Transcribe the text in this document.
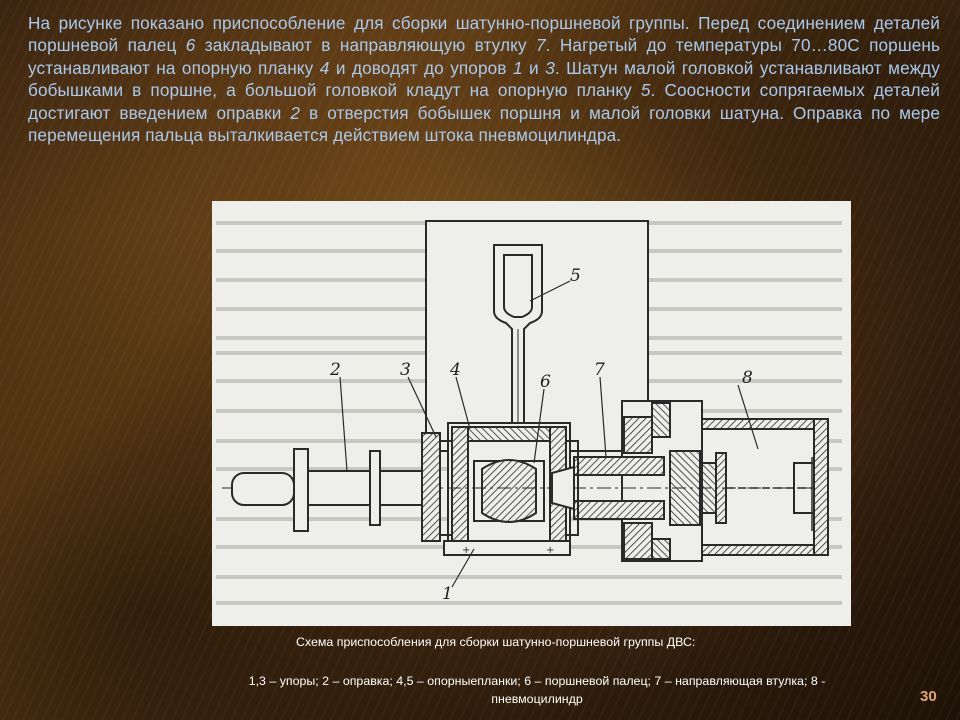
На рисунке показано приспособление для сборки шатунно-поршневой группы. Перед соединением деталей поршневой палец 6 закладывают в направляющую втулку 7. Нагретый до температуры 70…80С поршень устанавливают на опорную планку 4 и доводят до упоров 1 и 3. Шатун малой головкой устанавливают между бобышками в поршне, а большой головкой кладут на опорную планку 5. Соосности сопрягаемых деталей достигают введением оправки 2 в отверстия бобышек поршня и малой головки шатуна. Оправка по мере перемещения пальца выталкивается действием штока пневмоцилиндра.

+	+
2	3 4
6
5
7	8
1

Схема приспособления для сборки шатунно-поршневой группы ДВС:

1,3 – упоры; 2 – оправка; 4,5 – опорныепланки; 6 – поршневой палец; 7 – направляющая втулка; 8 - пневмоцилиндр	30
